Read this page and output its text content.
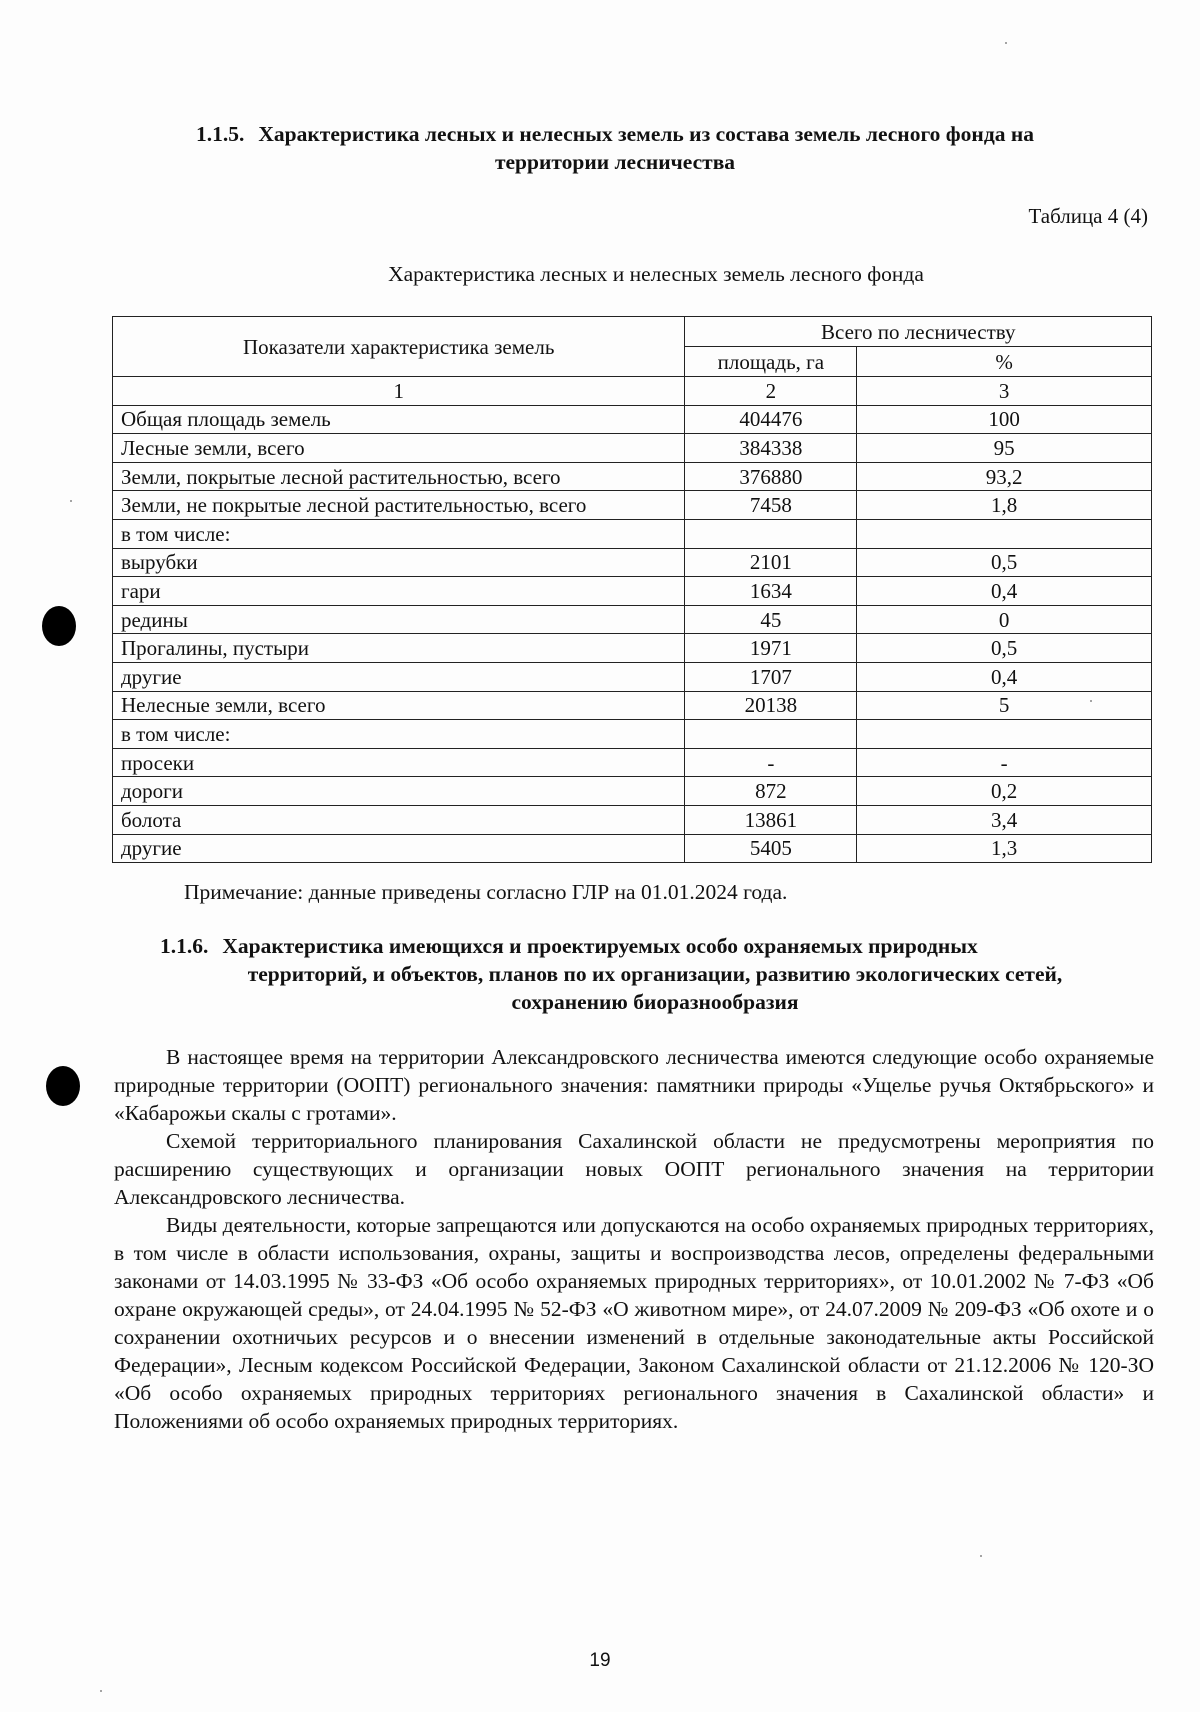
1.1.5. Характеристика лесных и нелесных земель из состава земель лесного фонда на
территории лесничества
Таблица 4 (4)
Характеристика лесных и нелесных земель лесного фонда
Показатели характеристика земель	Всего по лесничеству	
	площадь, га	%
1	2	3
Общая площадь земель	404476	100
Лесные земли, всего	384338	95
Земли, покрытые лесной растительностью, всего	376880	93,2
Земли, не покрытые лесной растительностью, всего	7458	1,8
в том числе:		
вырубки	2101	0,5
гари	1634	0,4
редины	45	0
Прогалины, пустыри	1971	0,5
другие	1707	0,4
Нелесные земли, всего	20138	5
в том числе:		
просеки	-	-
дороги	872	0,2
болота	13861	3,4
другие	5405	1,3
Примечание: данные приведены согласно ГЛР на 01.01.2024 года.
1.1.6. Характеристика имеющихся и проектируемых особо охраняемых природных
территорий, и объектов, планов по их организации, развитию экологических сетей,
сохранению биоразнообразия

В настоящее время на территории Александровского лесничества имеются следующие особо охраняемые природные территории (ООПТ) регионального значения: памятники природы «Ущелье ручья Октябрьского» и «Кабарожьи скалы с гротами».

Схемой территориального планирования Сахалинской области не предусмотрены мероприятия по расширению существующих и организации новых ООПТ регионального значения на территории Александровского лесничества.

Виды деятельности, которые запрещаются или допускаются на особо охраняемых природных территориях, в том числе в области использования, охраны, защиты и воспроизводства лесов, определены федеральными законами от 14.03.1995 № 33-ФЗ «Об особо охраняемых природных территориях», от 10.01.2002 № 7-ФЗ «Об охране окружающей среды», от 24.04.1995 № 52-ФЗ «О животном мире», от 24.07.2009 № 209-ФЗ «Об охоте и о сохранении охотничьих ресурсов и о внесении изменений в отдельные законодательные акты Российской Федерации», Лесным кодексом Российской Федерации, Законом Сахалинской области от 21.12.2006 № 120-ЗО «Об особо охраняемых природных территориях регионального значения в Сахалинской области» и Положениями об особо охраняемых природных территориях.

19
